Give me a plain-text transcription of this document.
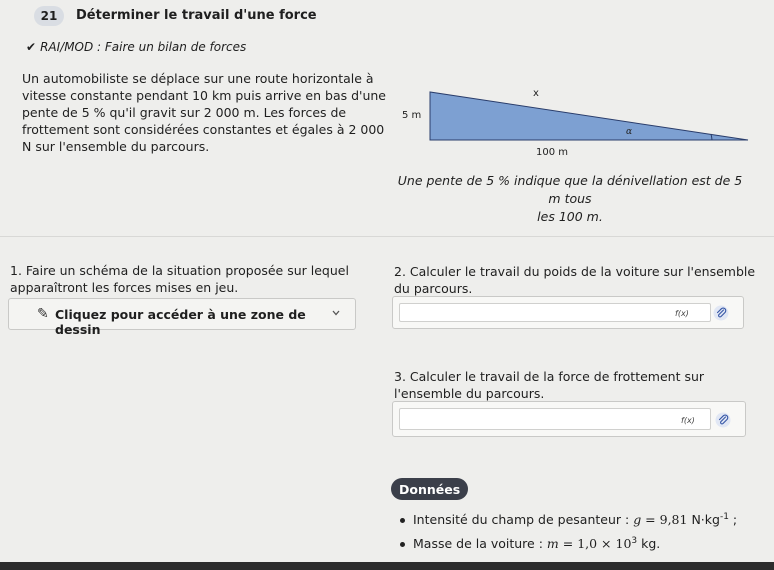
21	Déterminer le travail d'une force
✔ RAI/MOD : Faire un bilan de forces
Un automobiliste se déplace sur une route horizontale à
vitesse constante pendant 10 km puis arrive en bas d'une
pente de 5 % qu'il gravit sur 2 000 m. Les forces de
frottement sont considérées constantes et égales à 2 000
N sur l'ensemble du parcours.
5 m
x
α
100 m
Une pente de 5 % indique que la dénivellation est de 5 m tous
les 100 m.
1. Faire un schéma de la situation proposée sur lequel
apparaîtront les forces mises en jeu.
✎ Cliquez pour accéder à une zone de dessin
2. Calculer le travail du poids de la voiture sur l'ensemble
du parcours.
f(x)
3. Calculer le travail de la force de frottement sur
l'ensemble du parcours.
f(x)
Données
Intensité du champ de pesanteur : g = 9,81 $N\cdot kg^{-1}$ ;
Masse de la voiture : $m = 1,0 \times 10^3$ kg.
